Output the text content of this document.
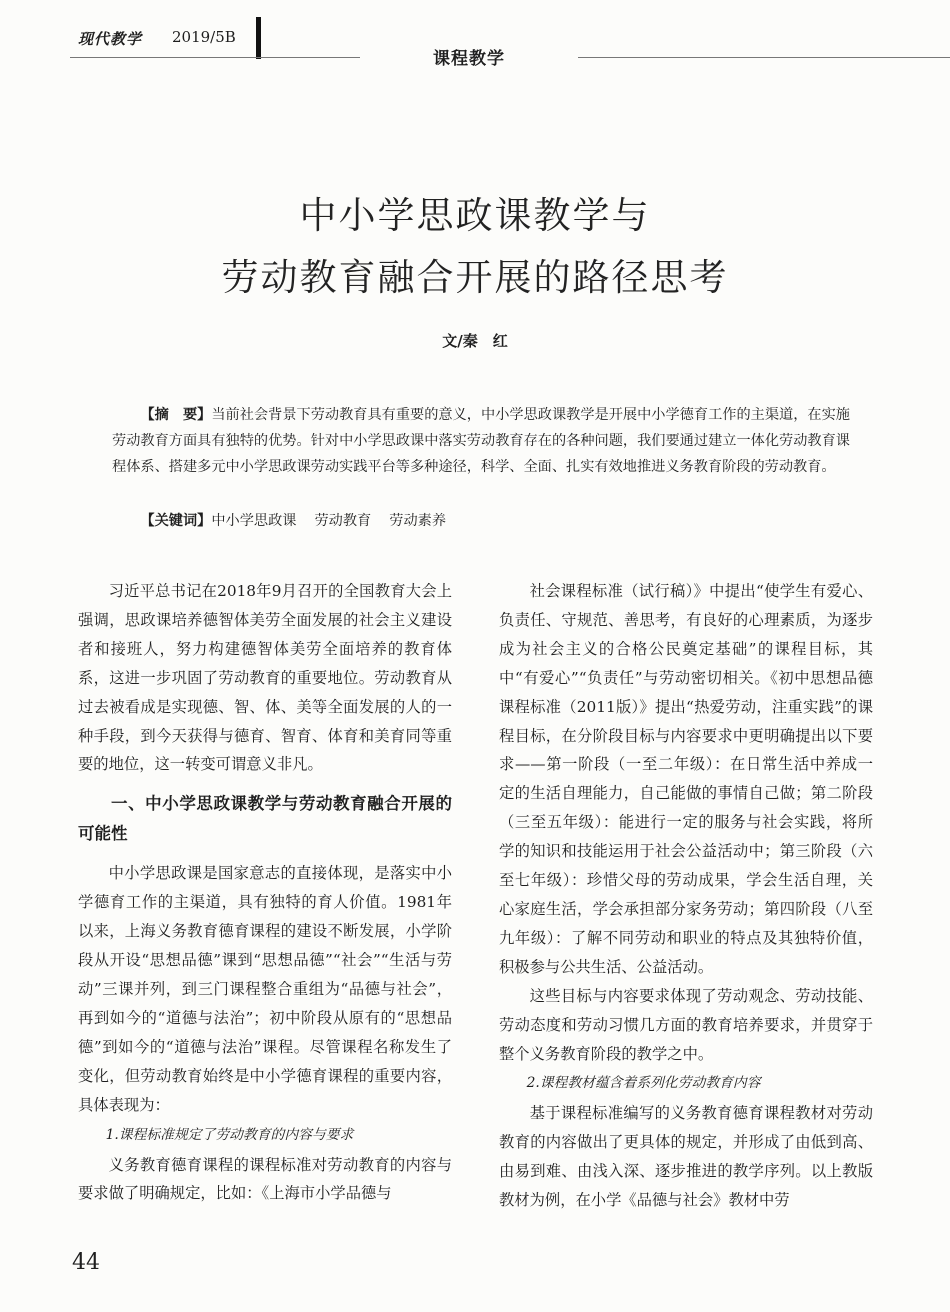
现代教学 2019/5B
课程教学
中小学思政课教学与
劳动教育融合开展的路径思考
文/秦　红
【摘　要】当前社会背景下劳动教育具有重要的意义，中小学思政课教学是开展中小学德育工作的主渠道，在实施劳动教育方面具有独特的优势。针对中小学思政课中落实劳动教育存在的各种问题，我们要通过建立一体化劳动教育课程体系、搭建多元中小学思政课劳动实践平台等多种途径，科学、全面、扎实有效地推进义务教育阶段的劳动教育。
【关键词】中小学思政课 劳动教育 劳动素养

习近平总书记在2018年9月召开的全国教育大会上强调，思政课培养德智体美劳全面发展的社会主义建设者和接班人，努力构建德智体美劳全面培养的教育体系，这进一步巩固了劳动教育的重要地位。劳动教育从过去被看成是实现德、智、体、美等全面发展的人的一种手段，到今天获得与德育、智育、体育和美育同等重要的地位，这一转变可谓意义非凡。

一、中小学思政课教学与劳动教育融合开展的可能性

中小学思政课是国家意志的直接体现，是落实中小学德育工作的主渠道，具有独特的育人价值。1981年以来，上海义务教育德育课程的建设不断发展，小学阶段从开设“思想品德”课到“思想品德”“社会”“生活与劳动”三课并列，到三门课程整合重组为“品德与社会”，再到如今的“道德与法治”；初中阶段从原有的“思想品德”到如今的“道德与法治”课程。尽管课程名称发生了变化，但劳动教育始终是中小学德育课程的重要内容，具体表现为：

1.课程标准规定了劳动教育的内容与要求

义务教育德育课程的课程标准对劳动教育的内容与要求做了明确规定，比如：《上海市小学品德与

社会课程标准（试行稿）》中提出“使学生有爱心、负责任、守规范、善思考，有良好的心理素质，为逐步成为社会主义的合格公民奠定基础”的课程目标，其中“有爱心”“负责任”与劳动密切相关。《初中思想品德课程标准（2011版）》提出“热爱劳动，注重实践”的课程目标，在分阶段目标与内容要求中更明确提出以下要求——第一阶段（一至二年级）：在日常生活中养成一定的生活自理能力，自己能做的事情自己做；第二阶段（三至五年级）：能进行一定的服务与社会实践，将所学的知识和技能运用于社会公益活动中；第三阶段（六至七年级）：珍惜父母的劳动成果，学会生活自理，关心家庭生活，学会承担部分家务劳动；第四阶段（八至九年级）：了解不同劳动和职业的特点及其独特价值，积极参与公共生活、公益活动。

这些目标与内容要求体现了劳动观念、劳动技能、劳动态度和劳动习惯几方面的教育培养要求，并贯穿于整个义务教育阶段的教学之中。

2.课程教材蕴含着系列化劳动教育内容

基于课程标准编写的义务教育德育课程教材对劳动教育的内容做出了更具体的规定，并形成了由低到高、由易到难、由浅入深、逐步推进的教学序列。以上教版教材为例，在小学《品德与社会》教材中劳

44
